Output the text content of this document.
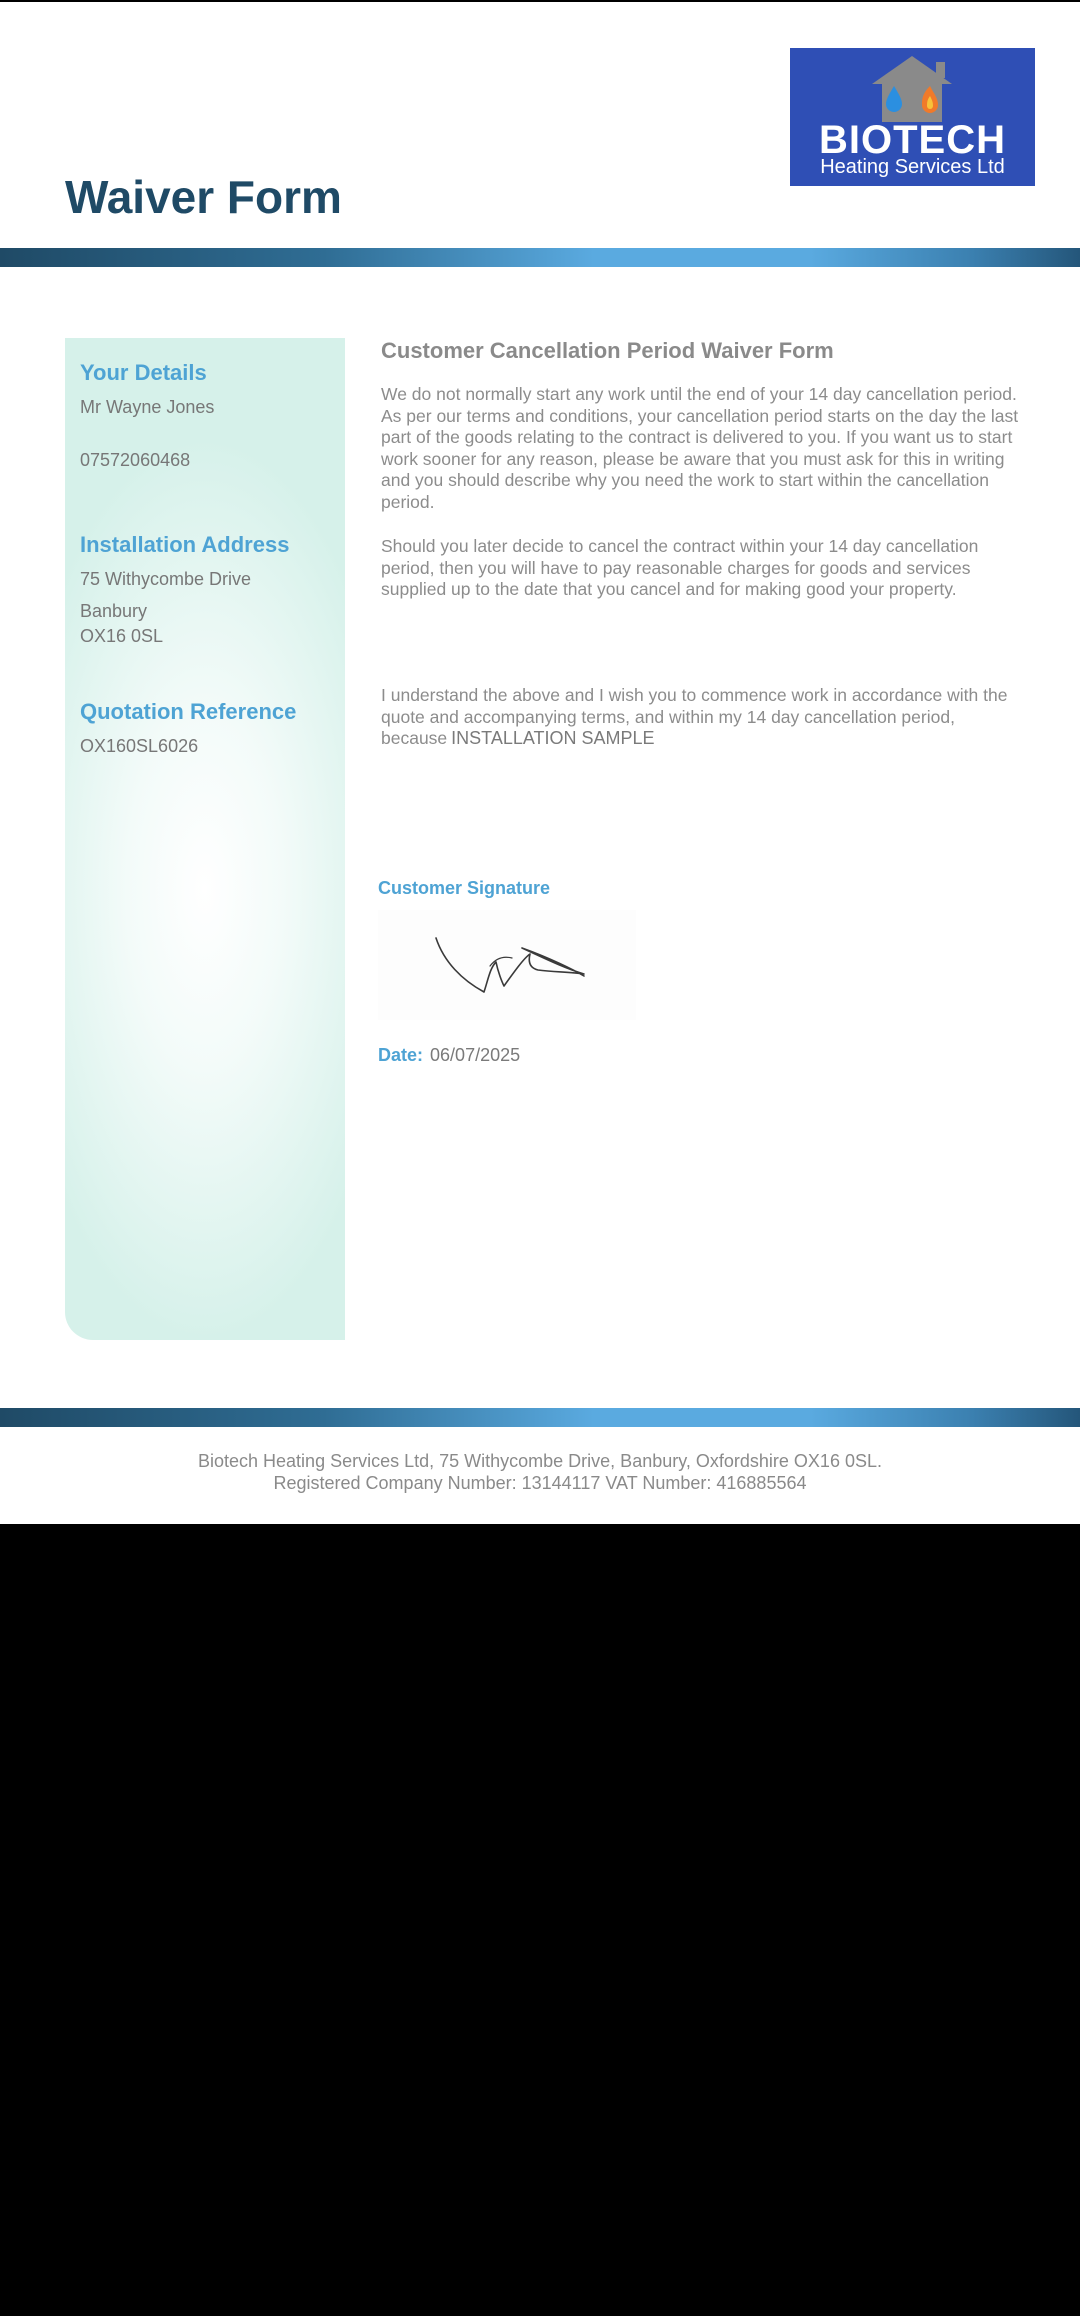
Waiver Form
BIOTECH
Heating Services Ltd
Your Details
Mr Wayne Jones
07572060468
Installation Address
75 Withycombe Drive
Banbury
OX16 0SL
Quotation Reference
OX160SL6026
Customer Cancellation Period Waiver Form

We do not normally start any work until the end of your 14 day cancellation period. As per our terms and conditions, your cancellation period starts on the day the last part of the goods relating to the contract is delivered to you. If you want us to start work sooner for any reason, please be aware that you must ask for this in writing and you should describe why you need the work to start within the cancellation period.

Should you later decide to cancel the contract within your 14 day cancellation period, then you will have to pay reasonable charges for goods and services supplied up to the date that you cancel and for making good your property.

I understand the above and I wish you to commence work in accordance with the quote and accompanying terms, and within my 14 day cancellation period, because INSTALLATION SAMPLE

Customer Signature
Date: 06/07/2025
Biotech Heating Services Ltd, 75 Withycombe Drive, Banbury, Oxfordshire OX16 0SL.
Registered Company Number: 13144117 VAT Number: 416885564
